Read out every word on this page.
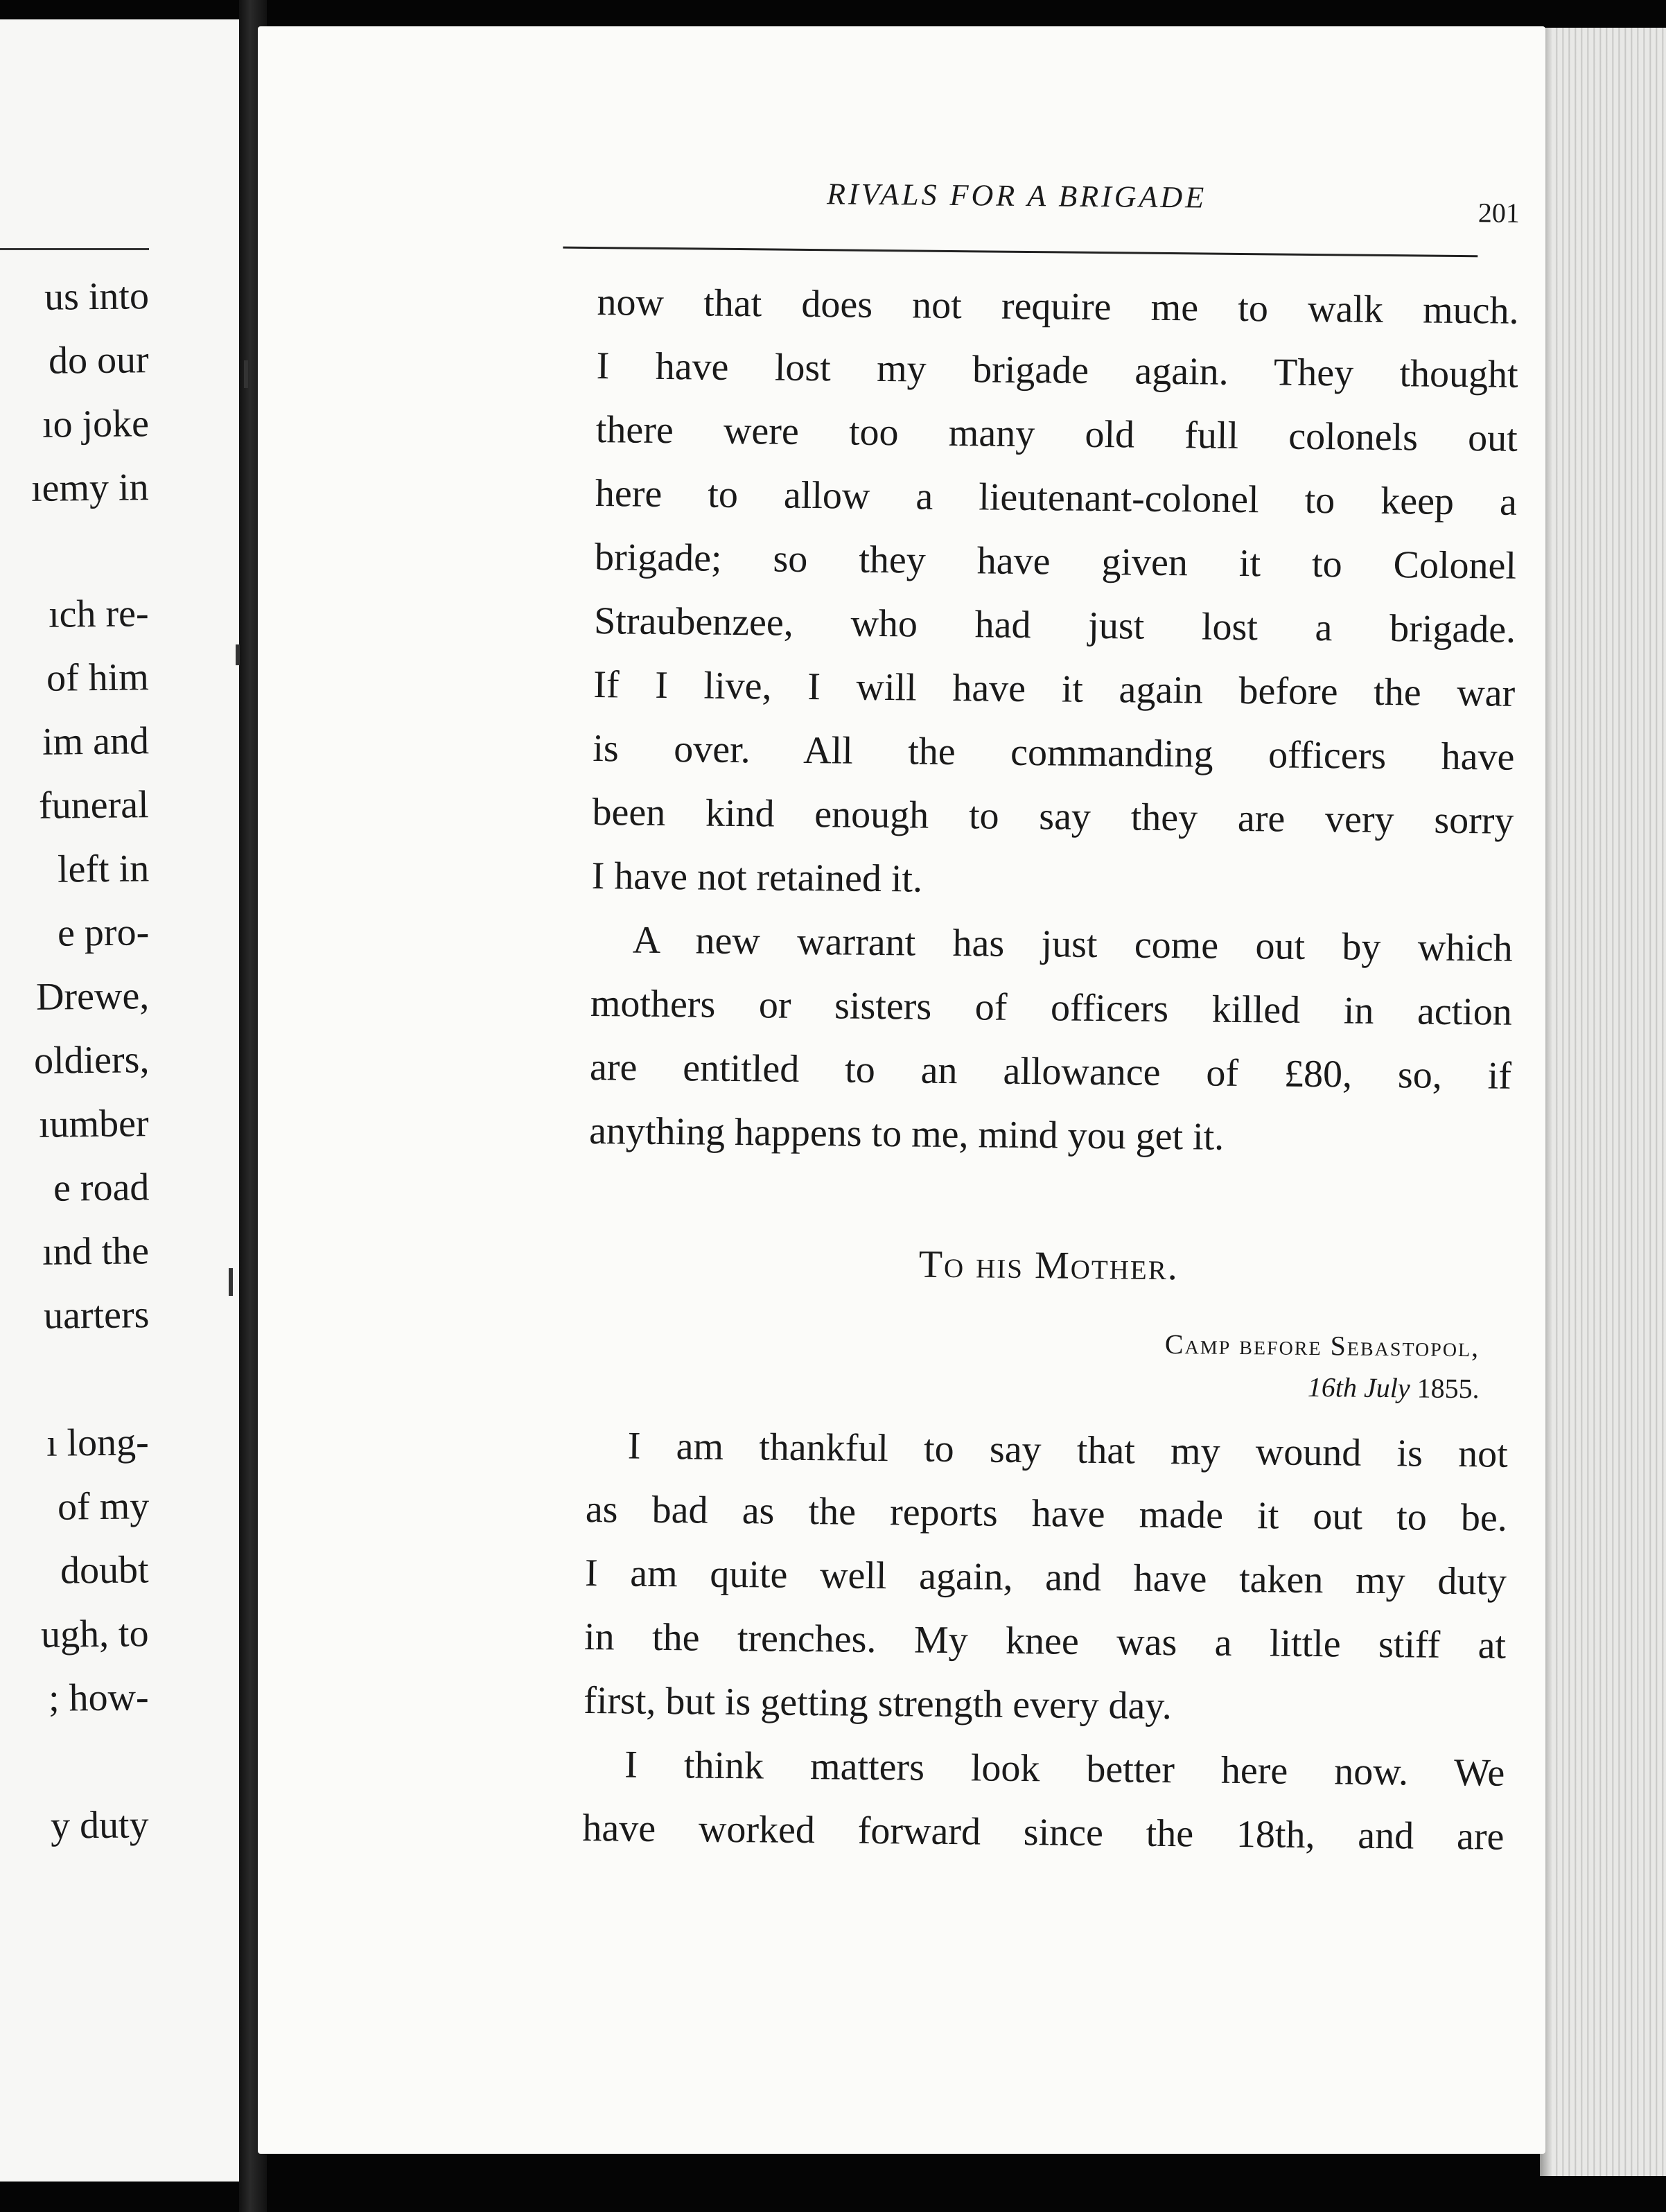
us into
do our
ıo joke
ıemy in
ıch re-
of him
im and
funeral
left in
e pro-
Drewe,
oldiers,
ıumber
e road
ınd the
uarters
ı long-
of my
doubt
ugh, to
; how-
y duty
RIVALS FOR A BRIGADE	201
now that does not require me to walk much.
I have lost my brigade again. They thought
there were too many old full colonels out
here to allow a lieutenant-colonel to keep a
brigade; so they have given it to Colonel
Straubenzee, who had just lost a brigade.
If I live, I will have it again before the war
is over. All the commanding officers have
been kind enough to say they are very sorry
I have not retained it.
A new warrant has just come out by which
mothers or sisters of officers killed in action
are entitled to an allowance of £80, so, if
anything happens to me, mind you get it.
To his Mother.
Camp before Sebastopol,
16th July 1855.
I am thankful to say that my wound is not
as bad as the reports have made it out to be.
I am quite well again, and have taken my duty
in the trenches. My knee was a little stiff at
first, but is getting strength every day.
I think matters look better here now. We
have worked forward since the 18th, and are
